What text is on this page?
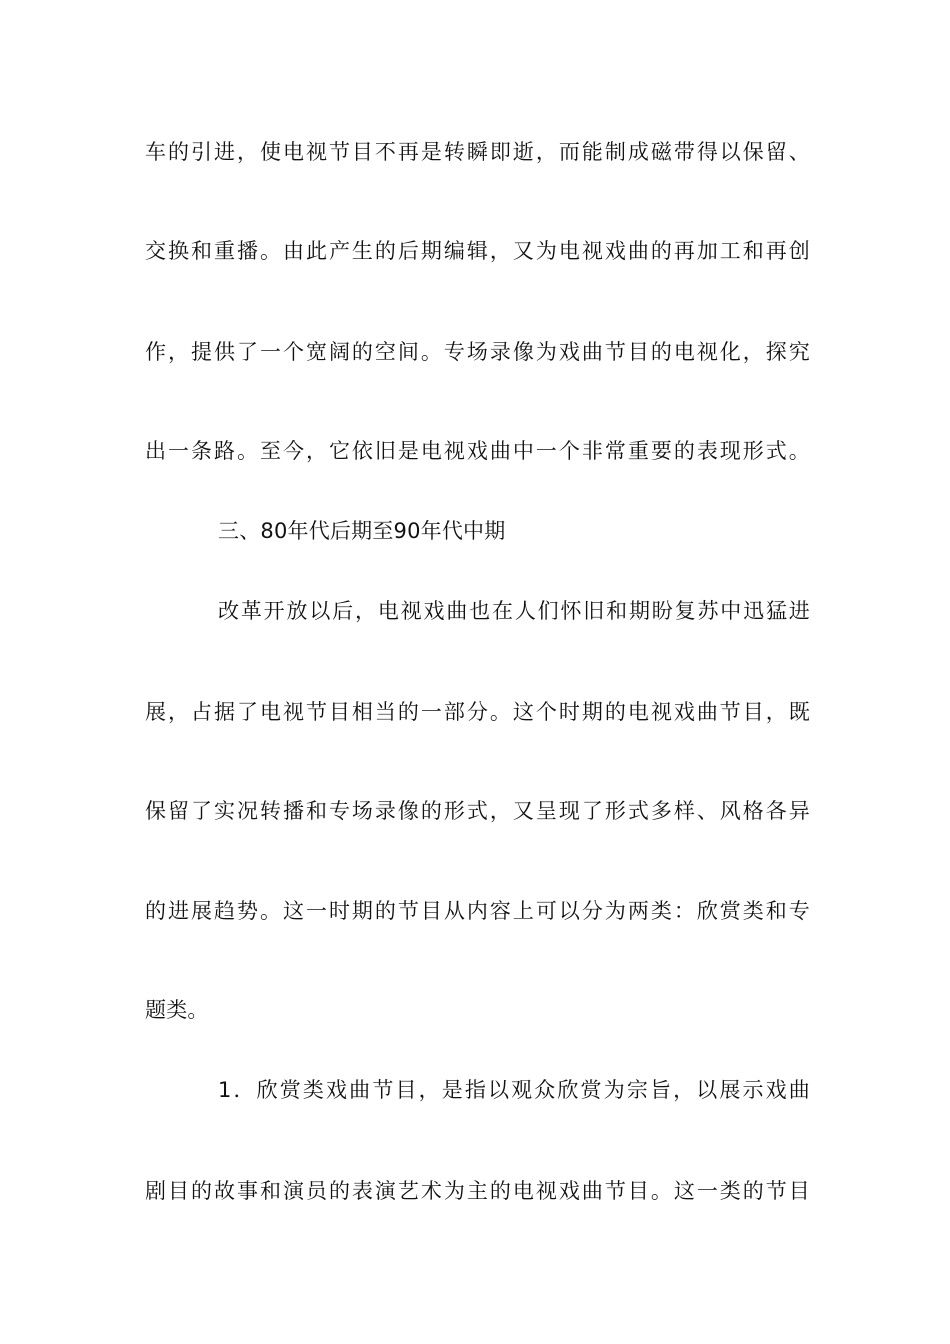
车的引进，使电视节目不再是转瞬即逝，而能制成磁带得以保留、
交换和重播。由此产生的后期编辑，又为电视戏曲的再加工和再创
作，提供了一个宽阔的空间。专场录像为戏曲节目的电视化，探究
出一条路。至今，它依旧是电视戏曲中一个非常重要的表现形式。
三、80年代后期至90年代中期
改革开放以后，电视戏曲也在人们怀旧和期盼复苏中迅猛进
展，占据了电视节目相当的一部分。这个时期的电视戏曲节目，既
保留了实况转播和专场录像的形式，又呈现了形式多样、风格各异
的进展趋势。这一时期的节目从内容上可以分为两类：欣赏类和专
题类。
1．欣赏类戏曲节目，是指以观众欣赏为宗旨，以展示戏曲
剧目的故事和演员的表演艺术为主的电视戏曲节目。这一类的节目
